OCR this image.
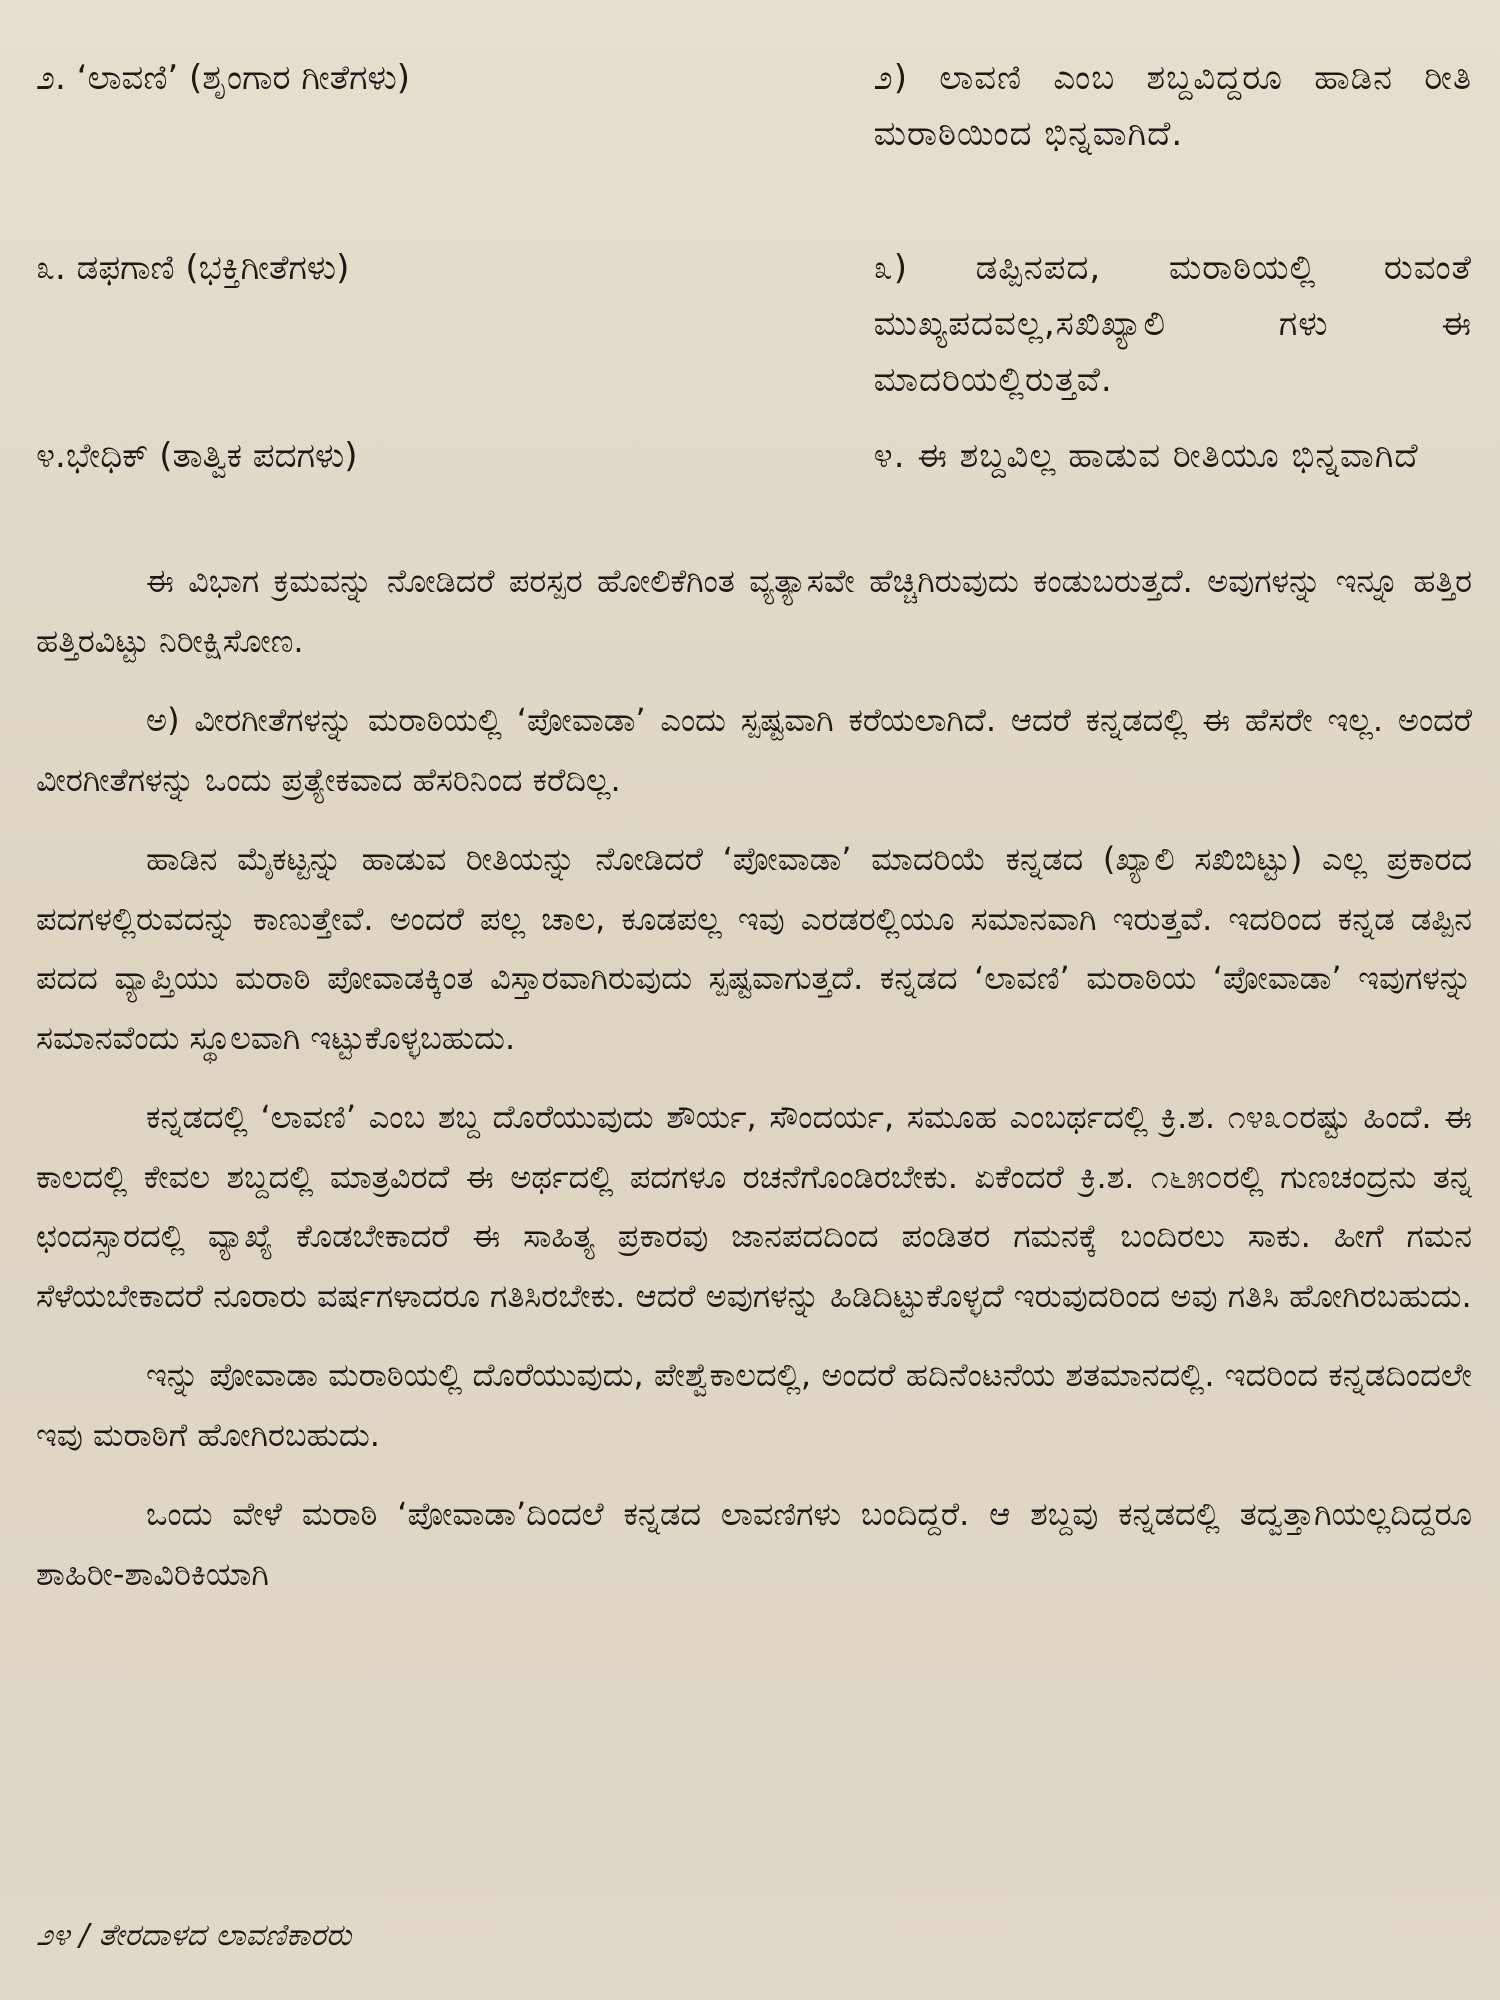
೨. ‘ಲಾವಣಿ’ (ಶೃಂಗಾರ ಗೀತೆಗಳು)	೨) ಲಾವಣಿ ಎಂಬ ಶಬ್ದವಿದ್ದರೂ ಹಾಡಿನ ರೀತಿ ಮರಾಠಿಯಿಂದ ಭಿನ್ನವಾಗಿದೆ.
೩. ಡಫಗಾಣಿ (ಭಕ್ತಿಗೀತೆಗಳು)	೩) ಡಪ್ಪಿನಪದ, ಮರಾಠಿಯಲ್ಲಿ ರುವಂತೆ ಮುಖ್ಯಪದವಲ್ಲ,ಸಖಿಖ್ಯಾಲಿ ಗಳು ಈ ಮಾದರಿಯಲ್ಲಿರುತ್ತವೆ.
೪.ಭೇಧಿಕ್ (ತಾತ್ವಿಕ ಪದಗಳು)	೪. ಈ ಶಬ್ದವಿಲ್ಲ ಹಾಡುವ ರೀತಿಯೂ ಭಿನ್ನವಾಗಿದೆ

ಈ ವಿಭಾಗ ಕ್ರಮವನ್ನು ನೋಡಿದರೆ ಪರಸ್ಪರ ಹೋಲಿಕೆಗಿಂತ ವ್ಯತ್ಯಾಸವೇ ಹೆಚ್ಚಿಗಿರುವುದು ಕಂಡುಬರುತ್ತದೆ. ಅವುಗಳನ್ನು ಇನ್ನೂ ಹತ್ತಿರ ಹತ್ತಿರವಿಟ್ಟು ನಿರೀಕ್ಷಿಸೋಣ.

ಅ) ವೀರಗೀತೆಗಳನ್ನು ಮರಾಠಿಯಲ್ಲಿ ‘ಪೋವಾಡಾ’ ಎಂದು ಸ್ಪಷ್ಟವಾಗಿ ಕರೆಯಲಾಗಿದೆ. ಆದರೆ ಕನ್ನಡದಲ್ಲಿ ಈ ಹೆಸರೇ ಇಲ್ಲ. ಅಂದರೆ ವೀರಗೀತೆಗಳನ್ನು ಒಂದು ಪ್ರತ್ಯೇಕವಾದ ಹೆಸರಿನಿಂದ ಕರೆದಿಲ್ಲ.

ಹಾಡಿನ ಮೈಕಟ್ಟನ್ನು ಹಾಡುವ ರೀತಿಯನ್ನು ನೋಡಿದರೆ ‘ಪೋವಾಡಾ’ ಮಾದರಿಯೆ ಕನ್ನಡದ (ಖ್ಯಾಲಿ ಸಖಿಬಿಟ್ಟು) ಎಲ್ಲ ಪ್ರಕಾರದ ಪದಗಳಲ್ಲಿರುವದನ್ನು ಕಾಣುತ್ತೇವೆ. ಅಂದರೆ ಪಲ್ಲ ಚಾಲ, ಕೂಡಪಲ್ಲ ಇವು ಎರಡರಲ್ಲಿಯೂ ಸಮಾನವಾಗಿ ಇರುತ್ತವೆ. ಇದರಿಂದ ಕನ್ನಡ ಡಪ್ಪಿನ ಪದದ ವ್ಯಾಪ್ತಿಯು ಮರಾಠಿ ಪೋವಾಡಕ್ಕಿಂತ ವಿಸ್ತಾರವಾಗಿರುವುದು ಸ್ಪಷ್ಟವಾಗುತ್ತದೆ. ಕನ್ನಡದ ‘ಲಾವಣಿ’ ಮರಾಠಿಯ ‘ಪೋವಾಡಾ’ ಇವುಗಳನ್ನು ಸಮಾನವೆಂದು ಸ್ಥೂಲವಾಗಿ ಇಟ್ಟುಕೊಳ್ಳಬಹುದು.

ಕನ್ನಡದಲ್ಲಿ ‘ಲಾವಣಿ’ ಎಂಬ ಶಬ್ದ ದೊರೆಯುವುದು ಶೌರ್ಯ, ಸೌಂದರ್ಯ, ಸಮೂಹ ಎಂಬರ್ಥದಲ್ಲಿ ಕ್ರಿ.ಶ. ೧೪೩೦ರಷ್ಟು ಹಿಂದೆ. ಈ ಕಾಲದಲ್ಲಿ ಕೇವಲ ಶಬ್ದದಲ್ಲಿ ಮಾತ್ರವಿರದೆ ಈ ಅರ್ಥದಲ್ಲಿ ಪದಗಳೂ ರಚನೆಗೊಂಡಿರಬೇಕು. ಏಕೆಂದರೆ ಕ್ರಿ.ಶ. ೧೬೫೦ರಲ್ಲಿ ಗುಣಚಂದ್ರನು ತನ್ನ ಛಂದಸ್ಸಾರದಲ್ಲಿ ವ್ಯಾಖ್ಯೆ ಕೊಡಬೇಕಾದರೆ ಈ ಸಾಹಿತ್ಯ ಪ್ರಕಾರವು ಜಾನಪದದಿಂದ ಪಂಡಿತರ ಗಮನಕ್ಕೆ ಬಂದಿರಲು ಸಾಕು. ಹೀಗೆ ಗಮನ ಸೆಳೆಯಬೇಕಾದರೆ ನೂರಾರು ವರ್ಷಗಳಾದರೂ ಗತಿಸಿರಬೇಕು. ಆದರೆ ಅವುಗಳನ್ನು ಹಿಡಿದಿಟ್ಟುಕೊಳ್ಳದೆ ಇರುವುದರಿಂದ ಅವು ಗತಿಸಿ ಹೋಗಿರಬಹುದು.

ಇನ್ನು ಪೋವಾಡಾ ಮರಾಠಿಯಲ್ಲಿ ದೊರೆಯುವುದು, ಪೇಶ್ವೆಕಾಲದಲ್ಲಿ, ಅಂದರೆ ಹದಿನೆಂಟನೆಯ ಶತಮಾನದಲ್ಲಿ. ಇದರಿಂದ ಕನ್ನಡದಿಂದಲೇ ಇವು ಮರಾಠಿಗೆ ಹೋಗಿರಬಹುದು.

ಒಂದು ವೇಳೆ ಮರಾಠಿ ‘ಪೋವಾಡಾ’ದಿಂದಲೆ ಕನ್ನಡದ ಲಾವಣಿಗಳು ಬಂದಿದ್ದರೆ. ಆ ಶಬ್ದವು ಕನ್ನಡದಲ್ಲಿ ತದ್ವತ್ತಾಗಿಯಲ್ಲದಿದ್ದರೂ ಶಾಹಿರೀ-ಶಾವಿರಿಕಿಯಾಗಿ

೨೪ / ತೇರದಾಳದ ಲಾವಣಿಕಾರರು
